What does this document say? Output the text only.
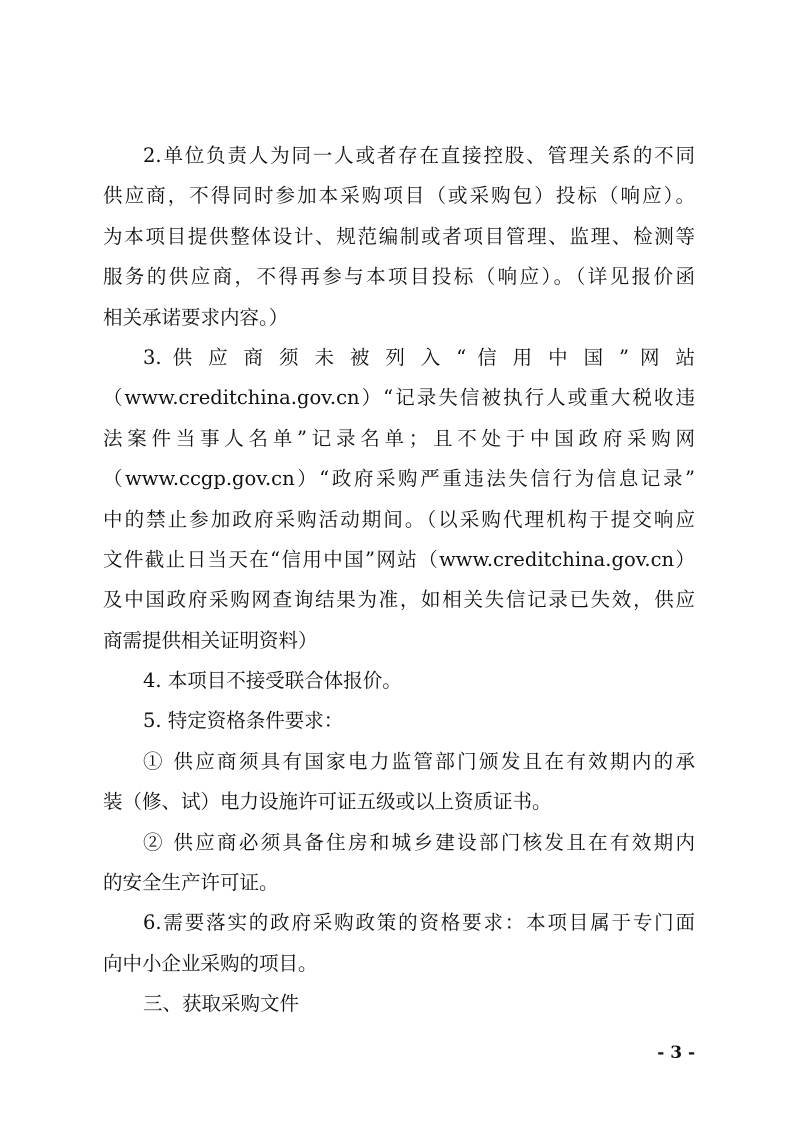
2.单位负责人为同一人或者存在直接控股、管理关系的不同
供应商，不得同时参加本采购项目（或采购包）投标（响应）。
为本项目提供整体设计、规范编制或者项目管理、监理、检测等
服务的供应商，不得再参与本项目投标（响应）。（详见报价函
相关承诺要求内容。）
3. 供 应 商 须 未 被 列 入 “ 信 用 中 国 ” 网 站
（www.creditchina.gov.cn）“记录失信被执行人或重大税收违
法案件当事人名单”记录名单；且不处于中国政府采购网
（www.ccgp.gov.cn）“政府采购严重违法失信行为信息记录”
中的禁止参加政府采购活动期间。（以采购代理机构于提交响应
文件截止日当天在“信用中国”网站（www.creditchina.gov.cn）
及中国政府采购网查询结果为准，如相关失信记录已失效，供应
商需提供相关证明资料）
4. 本项目不接受联合体报价。
5. 特定资格条件要求：
① 供应商须具有国家电力监管部门颁发且在有效期内的承
装（修、试）电力设施许可证五级或以上资质证书。
② 供应商必须具备住房和城乡建设部门核发且在有效期内
的安全生产许可证。
6.需要落实的政府采购政策的资格要求：本项目属于专门面
向中小企业采购的项目。
三、获取采购文件
- 3 -
